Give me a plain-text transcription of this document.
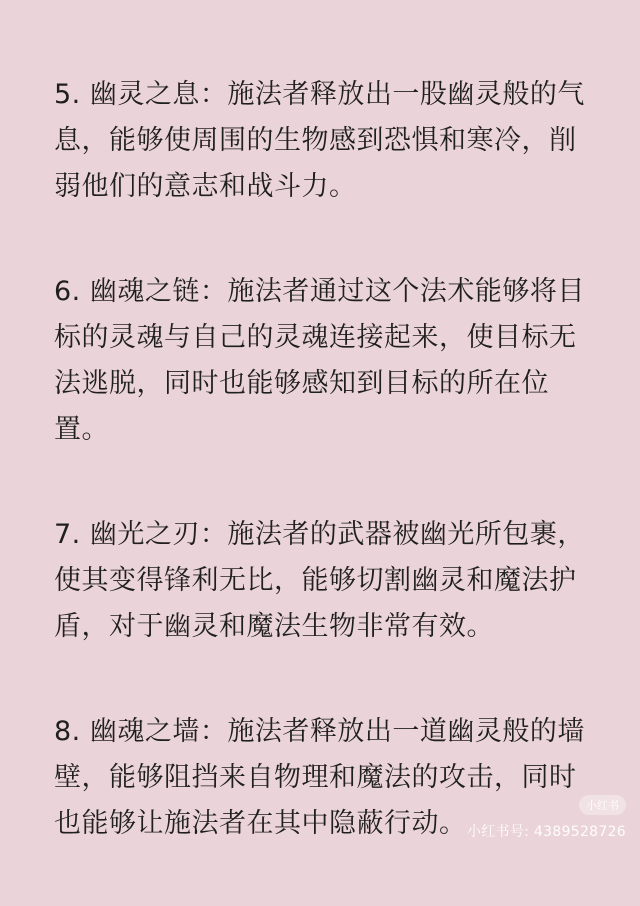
5. 幽灵之息：施法者释放出一股幽灵般的气息，能够使周围的生物感到恐惧和寒冷，削弱他们的意志和战斗力。

6. 幽魂之链：施法者通过这个法术能够将目标的灵魂与自己的灵魂连接起来，使目标无法逃脱，同时也能够感知到目标的所在位置。

7. 幽光之刃：施法者的武器被幽光所包裹，使其变得锋利无比，能够切割幽灵和魔法护盾，对于幽灵和魔法生物非常有效。

8. 幽魂之墙：施法者释放出一道幽灵般的墙壁，能够阻挡来自物理和魔法的攻击，同时也能够让施法者在其中隐蔽行动。

小红书
小红书号: 4389528726
